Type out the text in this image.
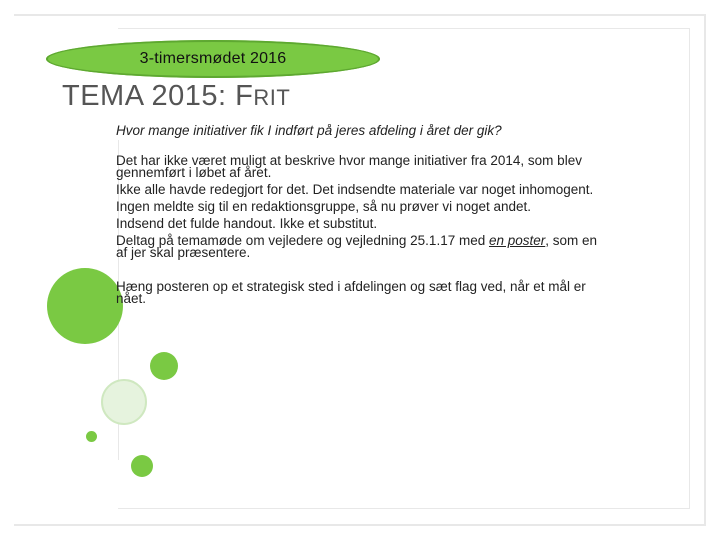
3-timersmødet 2016
TEMA 2015: FRIT

Hvor mange initiativer fik I indført på jeres afdeling i året der gik?

Det har ikke været muligt at beskrive hvor mange initiativer fra 2014, som blev gennemført i løbet af året.

Ikke alle havde redegjort for det. Det indsendte materiale var noget inhomogent.

Ingen meldte sig til en redaktionsgruppe, så nu prøver vi noget andet.

Indsend det fulde handout. Ikke et substitut.

Deltag på temamøde om vejledere og vejledning 25.1.17 med en poster, som en af jer skal præsentere.

Hæng posteren op et strategisk sted i afdelingen og sæt flag ved, når et mål er nået.
